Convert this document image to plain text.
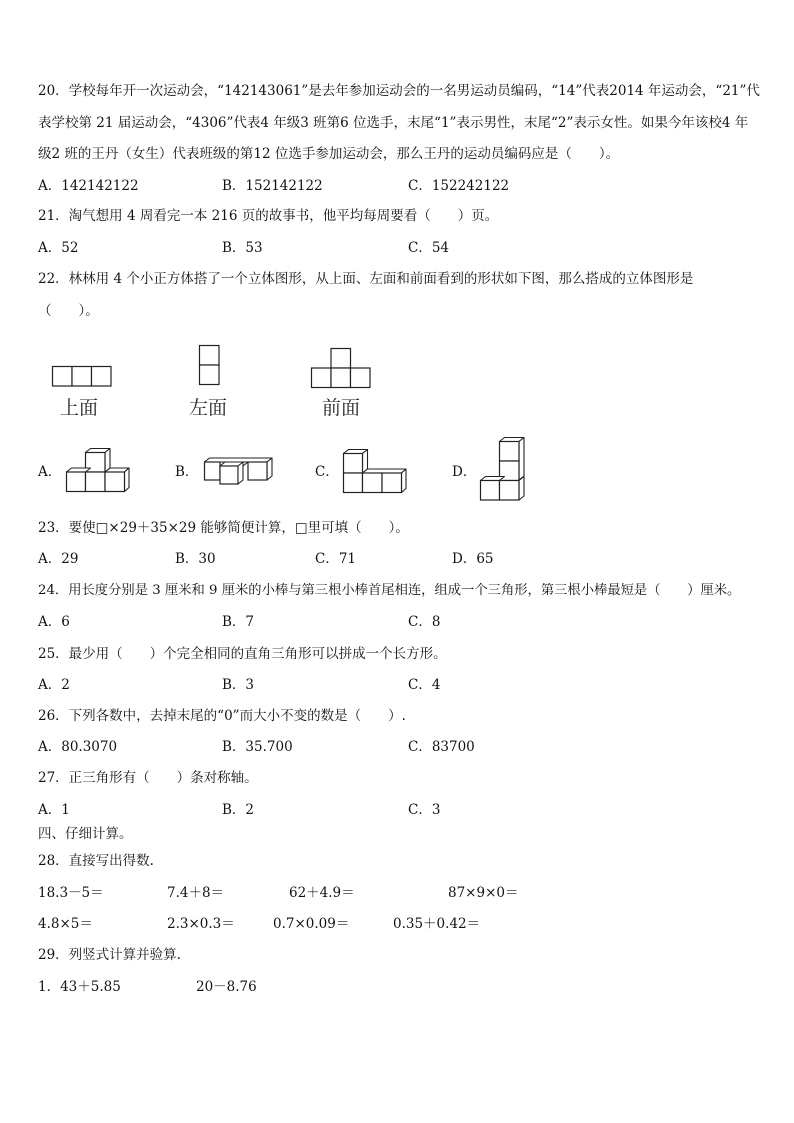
20．学校每年开一次运动会，“142143061”是去年参加运动会的一名男运动员编码，“14”代表2014 年运动会，“21”代
表学校第 21 届运动会，“4306”代表4 年级3 班第6 位选手，末尾“1”表示男性，末尾“2”表示女性。如果今年该校4 年
级2 班的王丹（女生）代表班级的第12 位选手参加运动会，那么王丹的运动员编码应是（　　）。
A．142142122	B．152142122	C．152242122
21．淘气想用 4 周看完一本 216 页的故事书，他平均每周要看（　　）页。
A．52	B．53	C．54
22．林林用 4 个小正方体搭了一个立体图形，从上面、左面和前面看到的形状如下图，那么搭成的立体图形是
（　　）。
上面	左面	前面
A．	B．	C．	D．
23．要使□×29＋35×29 能够简便计算，□里可填（　　）。
A．29	B．30	C．71	D．65
24．用长度分别是 3 厘米和 9 厘米的小棒与第三根小棒首尾相连，组成一个三角形，第三根小棒最短是（　　）厘米。
A．6	B．7	C．8
25．最少用（　　）个完全相同的直角三角形可以拼成一个长方形。
A．2	B．3	C．4
26．下列各数中，去掉末尾的“0”而大小不变的数是（　　）.
A．80.3070	B．35.700	C．83700
27．正三角形有（　　）条对称轴。
A．1	B．2	C．3
四、仔细计算。
28．直接写出得数.
18.3－5＝	7.4＋8＝	62＋4.9＝	87×9×0＝
4.8×5＝	2.3×0.3＝	0.7×0.09＝	0.35＋0.42＝
29．列竖式计算并验算.
1．43＋5.85	20－8.76
